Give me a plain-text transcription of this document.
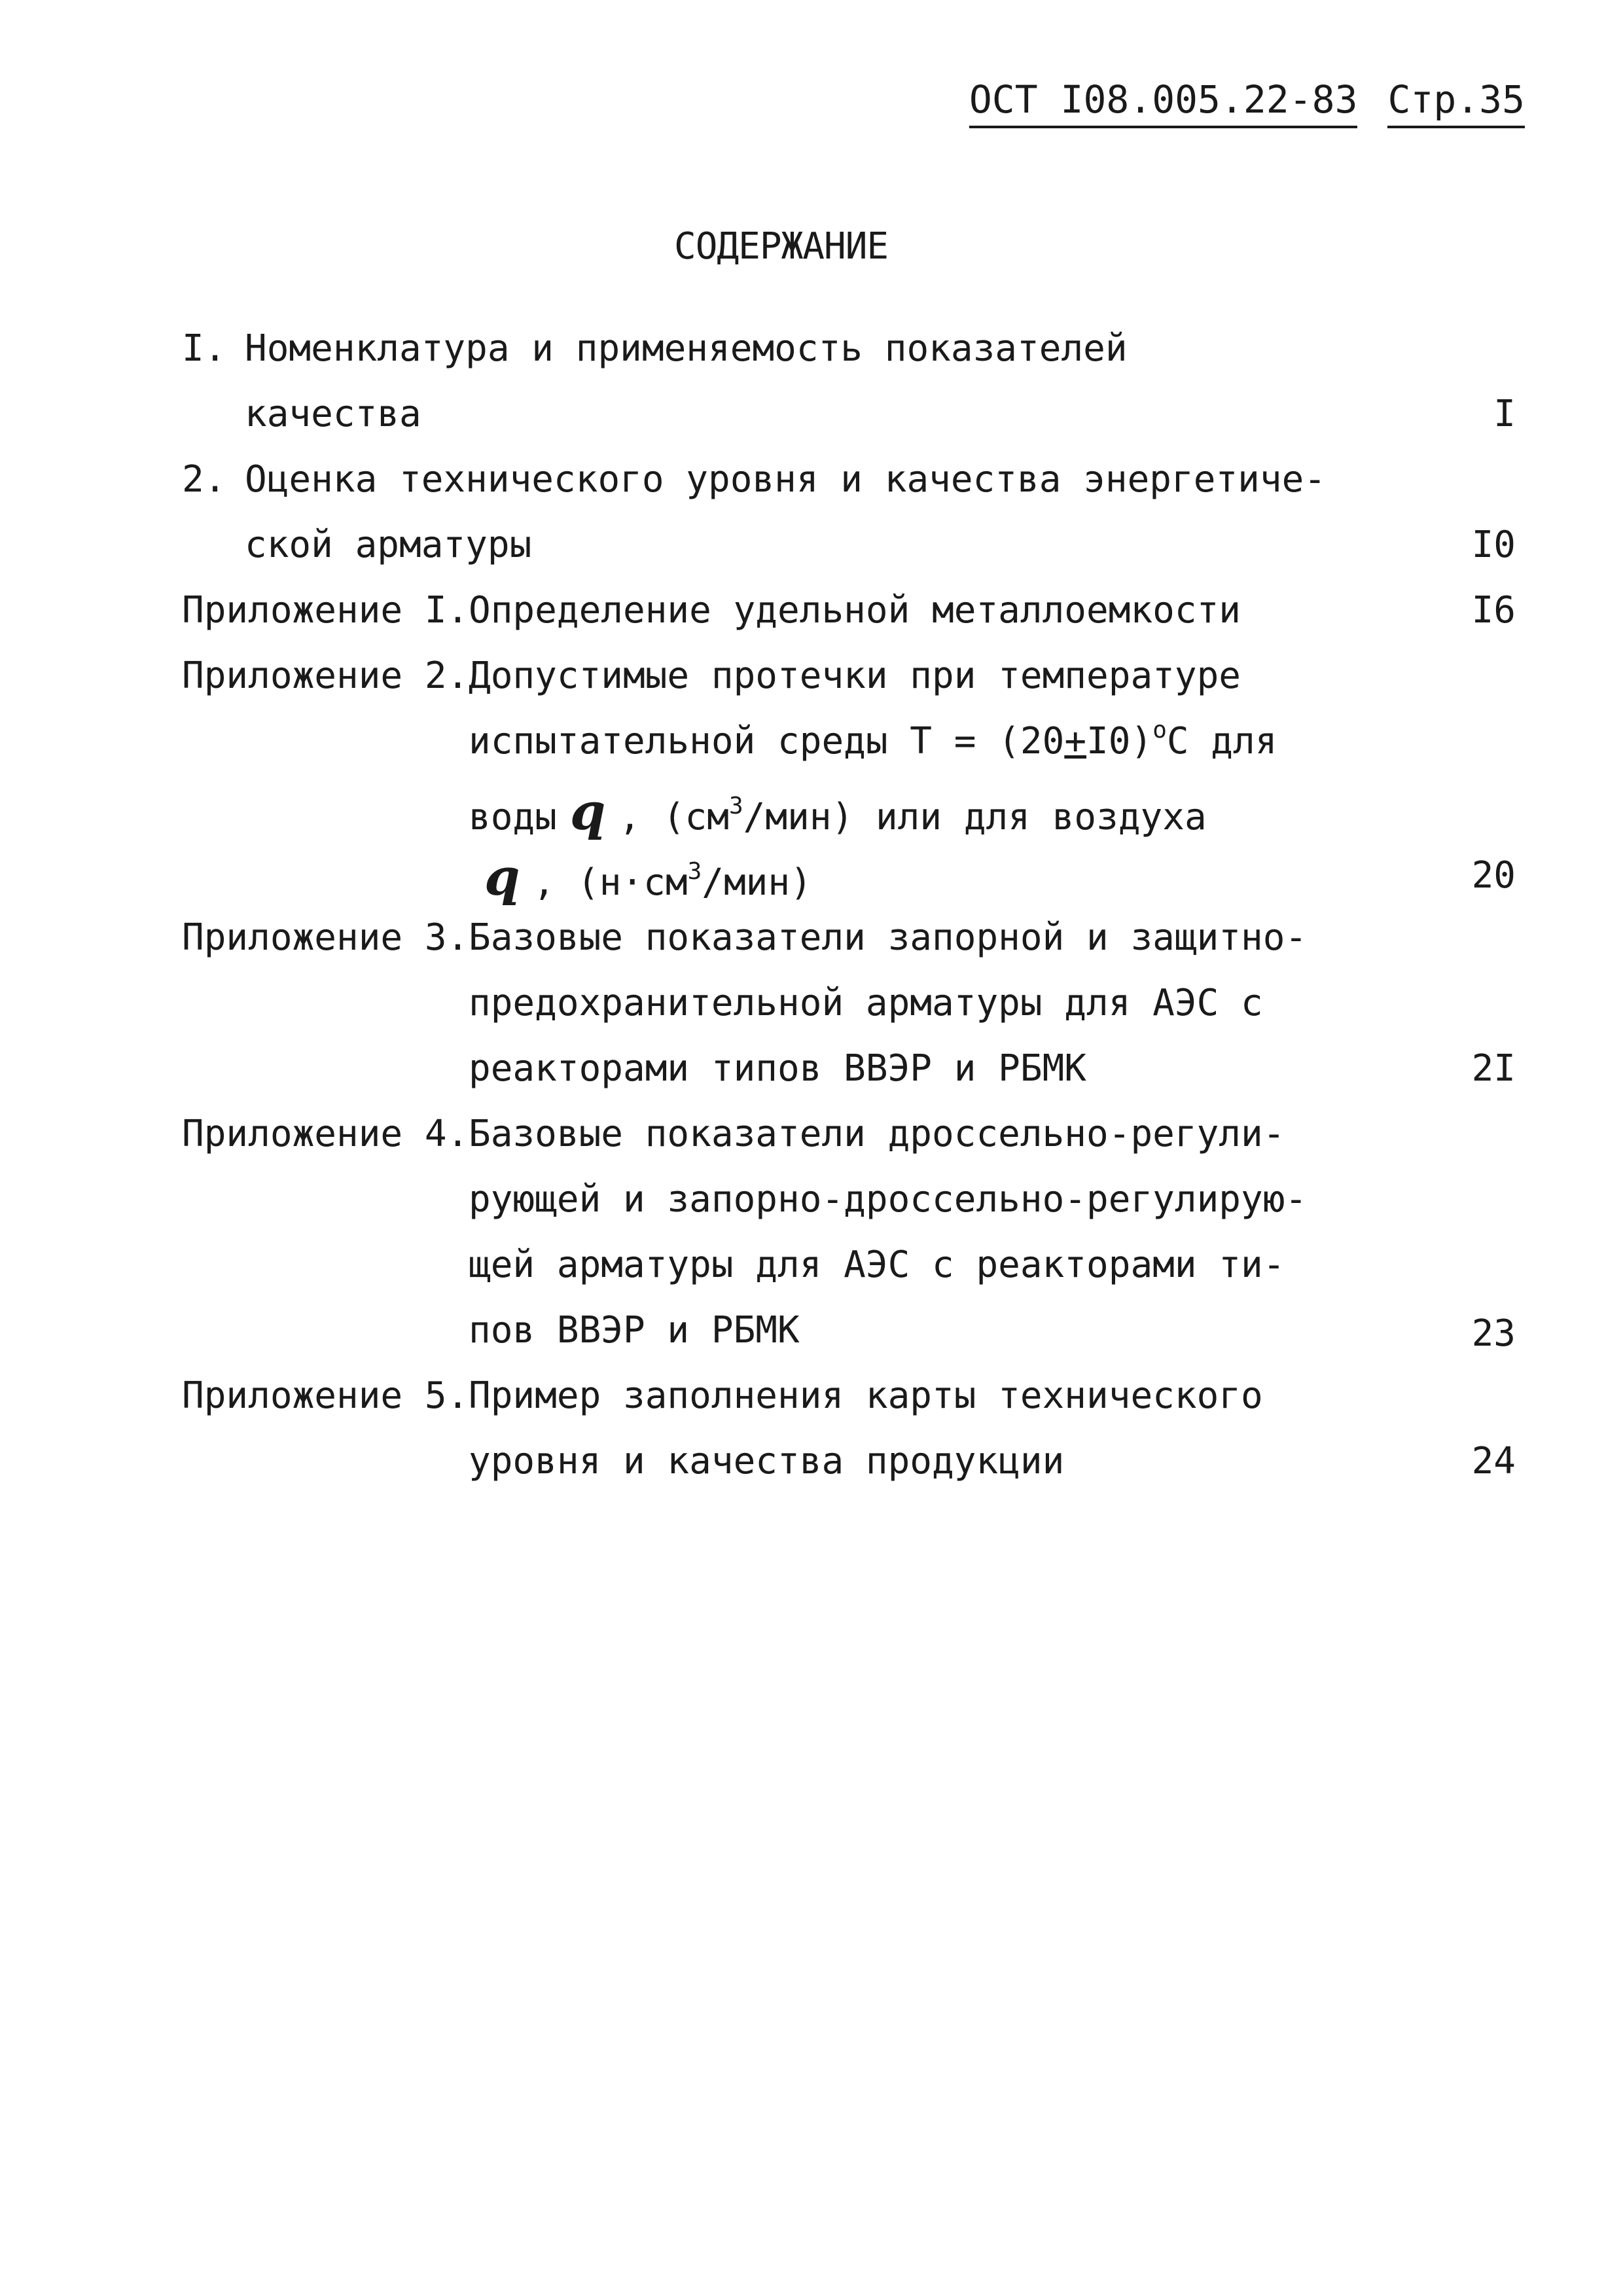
ОСТ I08.005.22-83 Стр.35
СОДЕРЖАНИЕ
I. Номенклатура и применяемость показателей
качества	I
2. Оценка технического уровня и качества энергетиче-
ской арматуры	I0
Приложение I. Определение удельной металлоемкости	I6
Приложение 2. Допустимые протечки при температуре
испытательной среды $Т = (20+I0)^oС$ для
воды q , $(см^3/мин)$ или для воздуха
q , $(н\cdot см^3/мин)$	20
Приложение 3. Базовые показатели запорной и защитно-
предохранительной арматуры для АЭС с
реакторами типов ВВЭР и РБМК	2I
Приложение 4. Базовые показатели дроссельно-регули-
рующей и запорно-дроссельно-регулирую-
щей арматуры для АЭС с реакторами ти-
пов ВВЭР и РБМК	23
Приложение 5. Пример заполнения карты технического
уровня и качества продукции	24
